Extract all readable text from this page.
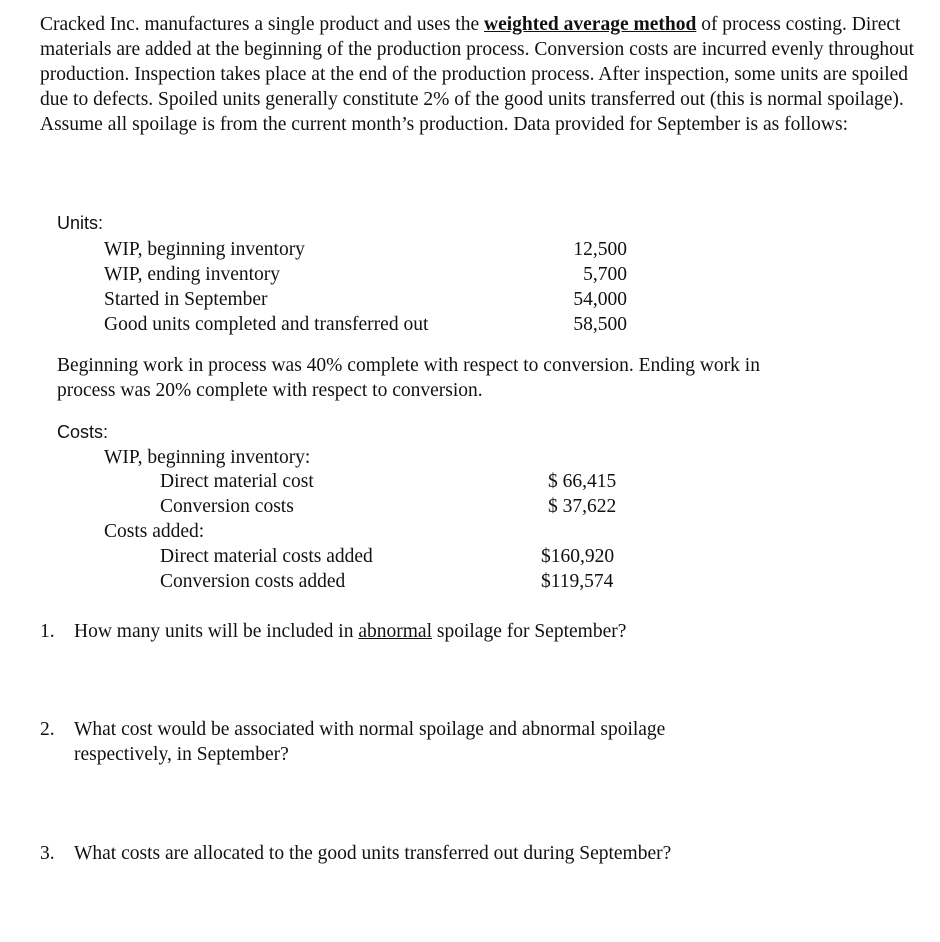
Cracked Inc. manufactures a single product and uses the weighted average method of process costing. Direct materials are added at the beginning of the production process. Conversion costs are incurred evenly throughout production. Inspection takes place at the end of the production process. After inspection, some units are spoiled due to defects. Spoiled units generally constitute 2% of the good units transferred out (this is normal spoilage). Assume all spoilage is from the current month’s production. Data provided for September is as follows:
Units:
WIP, beginning inventory	12,500
WIP, ending inventory	5,700
Started in September	54,000
Good units completed and transferred out	58,500
Beginning work in process was 40% complete with respect to conversion. Ending work in
process was 20% complete with respect to conversion.
Costs:
WIP, beginning inventory:
Direct material cost	$ 66,415
Conversion costs	$ 37,622
Costs added:
Direct material costs added	$160,920
Conversion costs added	$119,574
1. How many units will be included in abnormal spoilage for September?
2. What cost would be associated with normal spoilage and abnormal spoilage
respectively, in September?
3. What costs are allocated to the good units transferred out during September?
